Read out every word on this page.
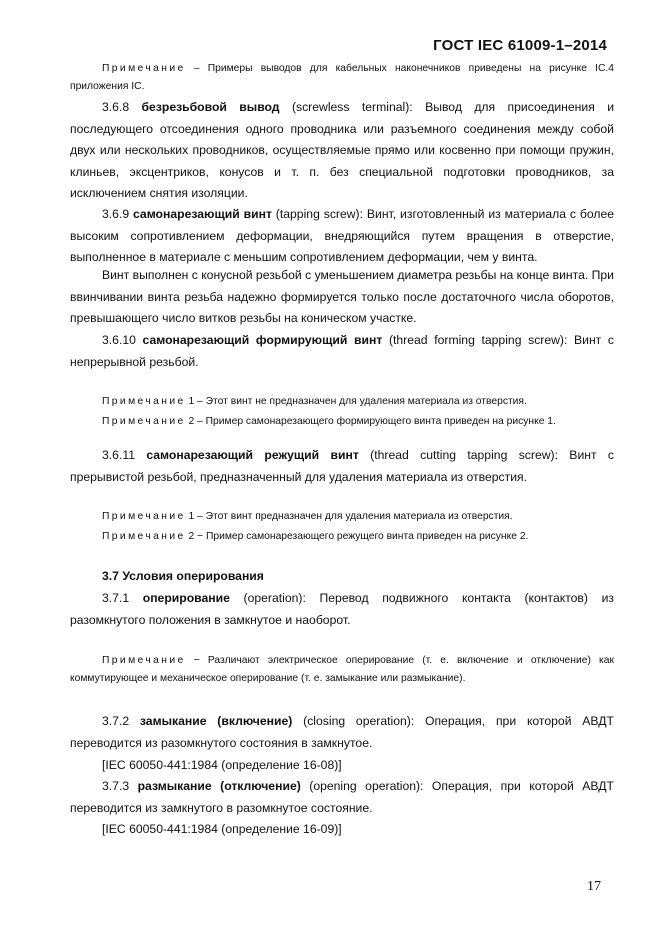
ГОСТ IEC 61009-1–2014

Примечание – Примеры выводов для кабельных наконечников приведены на рисунке IC.4 приложения IC.

3.6.8 безрезьбовой вывод (screwless terminal): Вывод для присоединения и последующего отсоединения одного проводника или разъемного соединения между собой двух или нескольких проводников, осуществляемые прямо или косвенно при помощи пружин, клиньев, эксцентриков, конусов и т. п. без специальной подготовки проводников, за исключением снятия изоляции.

3.6.9 самонарезающий винт (tapping screw): Винт, изготовленный из материала с более высоким сопротивлением деформации, внедряющийся путем вращения в отверстие, выполненное в материале с меньшим сопротивлением деформации, чем у винта.

Винт выполнен с конусной резьбой с уменьшением диаметра резьбы на конце винта. При ввинчивании винта резьба надежно формируется только после достаточного числа оборотов, превышающего число витков резьбы на коническом участке.

3.6.10 самонарезающий формирующий винт (thread forming tapping screw): Винт с непрерывной резьбой.

Примечание 1 – Этот винт не предназначен для удаления материала из отверстия.

Примечание 2 – Пример самонарезающего формирующего винта приведен на рисунке 1.

3.6.11 самонарезающий режущий винт (thread cutting tapping screw): Винт с прерывистой резьбой, предназначенный для удаления материала из отверстия.

Примечание 1 – Этот винт предназначен для удаления материала из отверстия.

Примечание 2 − Пример самонарезающего режущего винта приведен на рисунке 2.

3.7 Условия оперирования

3.7.1 оперирование (operation): Перевод подвижного контакта (контактов) из разомкнутого положения в замкнутое и наоборот.

Примечание − Различают электрическое оперирование (т. е. включение и отключение) как коммутирующее и механическое оперирование (т. е. замыкание или размыкание).

3.7.2 замыкание (включение) (closing operation): Операция, при которой АВДТ переводится из разомкнутого состояния в замкнутое.

[IEC 60050-441:1984 (определение 16-08)]

3.7.3 размыкание (отключение) (opening operation): Операция, при которой АВДТ переводится из замкнутого в разомкнутое состояние.

[IEC 60050-441:1984 (определение 16-09)]

17
